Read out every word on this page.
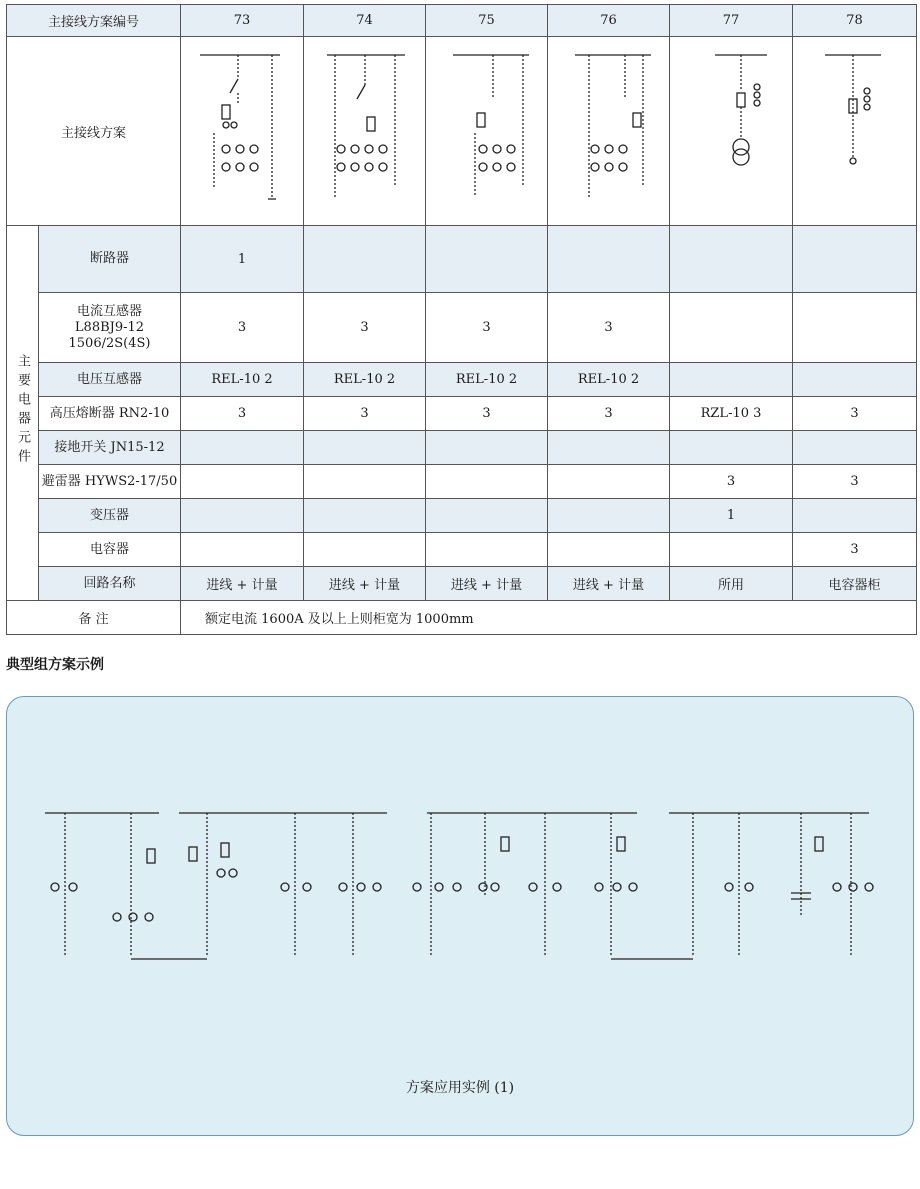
主接线方案编号		73	74	75	76	77	78
主接线方案						
主要电器元件	断路器	1					

	电流互感器
L88BJ9-12
1506/2S(4S)	3	3	3	3		

	电压互感器	REL-10 2	REL-10 2	REL-10 2	REL-10 2		

	高压熔断器 RN2-10	3	3	3	3	RZL-10 3	3

	接地开关 JN15-12						

	避雷器 HYWS2-17/50					3	3

	变压器					1	

	电容器						3

	回路名称	进线 + 计量	进线 + 计量	进线 + 计量	进线 + 计量	所用	电容器柜
备 注		额定电流 1600A 及以上上则柜宽为 1000mm					
典型组方案示例
方案应用实例 (1)
